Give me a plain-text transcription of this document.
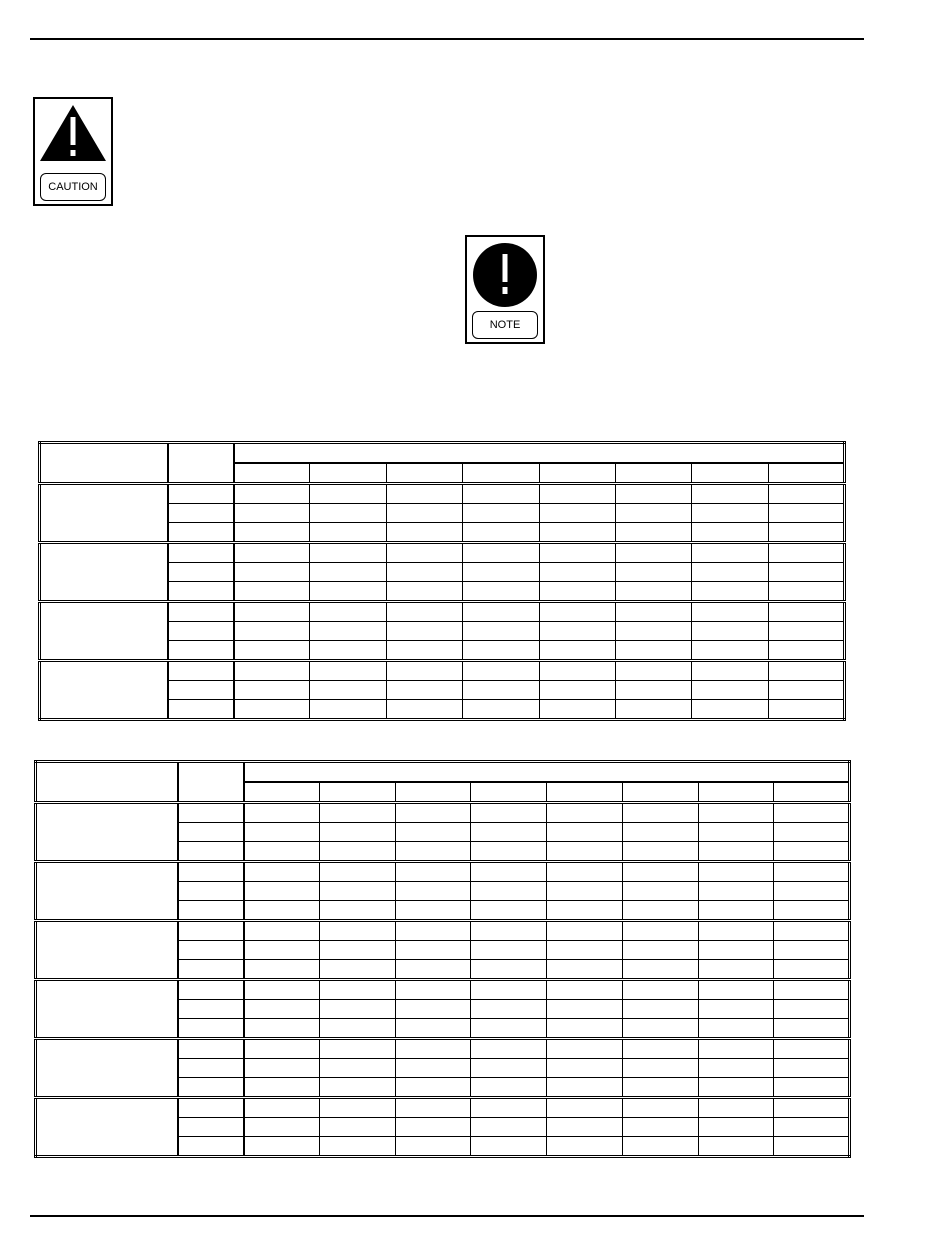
CAUTION
NOTE
